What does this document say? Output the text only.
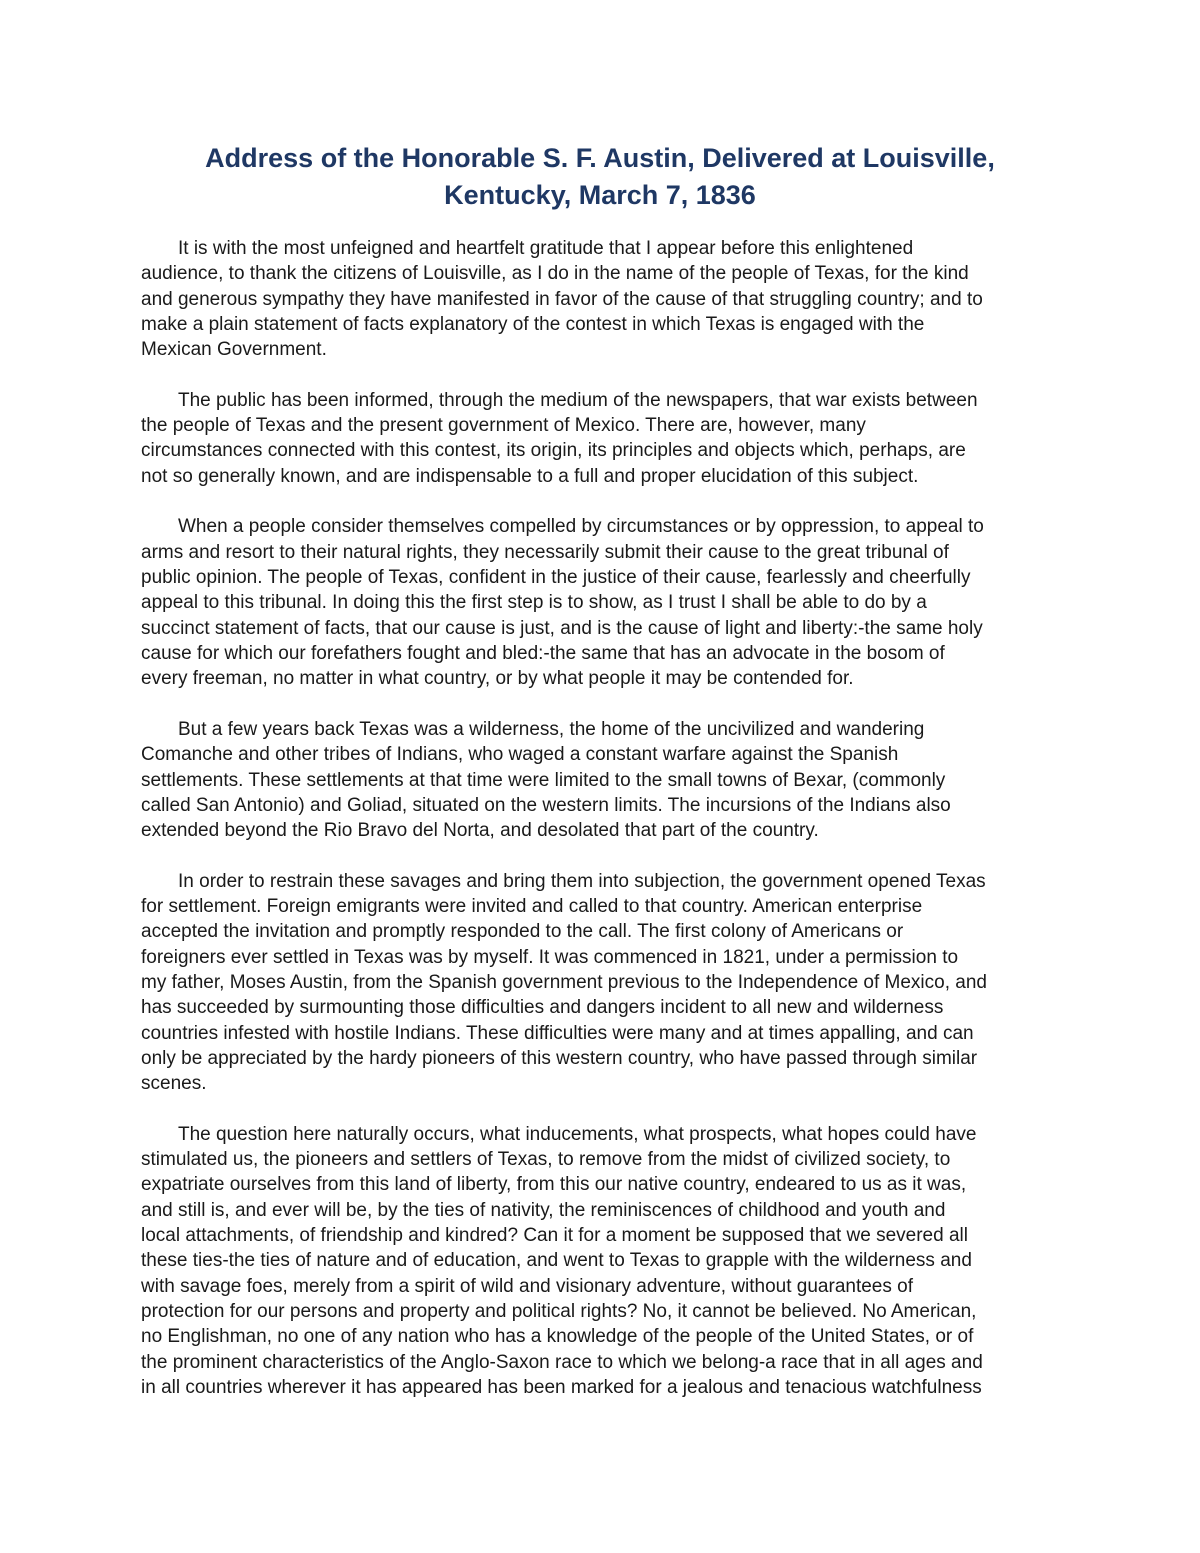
Address of the Honorable S. F. Austin, Delivered at Louisville,
Kentucky, March 7, 1836

It is with the most unfeigned and heartfelt gratitude that I appear before this enlightened
audience, to thank the citizens of Louisville, as I do in the name of the people of Texas, for the kind
and generous sympathy they have manifested in favor of the cause of that struggling country; and to
make a plain statement of facts explanatory of the contest in which Texas is engaged with the
Mexican Government.

The public has been informed, through the medium of the newspapers, that war exists between
the people of Texas and the present government of Mexico. There are, however, many
circumstances connected with this contest, its origin, its principles and objects which, perhaps, are
not so generally known, and are indispensable to a full and proper elucidation of this subject.

When a people consider themselves compelled by circumstances or by oppression, to appeal to
arms and resort to their natural rights, they necessarily submit their cause to the great tribunal of
public opinion. The people of Texas, confident in the justice of their cause, fearlessly and cheerfully
appeal to this tribunal. In doing this the first step is to show, as I trust I shall be able to do by a
succinct statement of facts, that our cause is just, and is the cause of light and liberty:-the same holy
cause for which our forefathers fought and bled:-the same that has an advocate in the bosom of
every freeman, no matter in what country, or by what people it may be contended for.

But a few years back Texas was a wilderness, the home of the uncivilized and wandering
Comanche and other tribes of Indians, who waged a constant warfare against the Spanish
settlements. These settlements at that time were limited to the small towns of Bexar, (commonly
called San Antonio) and Goliad, situated on the western limits. The incursions of the Indians also
extended beyond the Rio Bravo del Norta, and desolated that part of the country.

In order to restrain these savages and bring them into subjection, the government opened Texas
for settlement. Foreign emigrants were invited and called to that country. American enterprise
accepted the invitation and promptly responded to the call. The first colony of Americans or
foreigners ever settled in Texas was by myself. It was commenced in 1821, under a permission to
my father, Moses Austin, from the Spanish government previous to the Independence of Mexico, and
has succeeded by surmounting those difficulties and dangers incident to all new and wilderness
countries infested with hostile Indians. These difficulties were many and at times appalling, and can
only be appreciated by the hardy pioneers of this western country, who have passed through similar
scenes.

The question here naturally occurs, what inducements, what prospects, what hopes could have
stimulated us, the pioneers and settlers of Texas, to remove from the midst of civilized society, to
expatriate ourselves from this land of liberty, from this our native country, endeared to us as it was,
and still is, and ever will be, by the ties of nativity, the reminiscences of childhood and youth and
local attachments, of friendship and kindred? Can it for a moment be supposed that we severed all
these ties-the ties of nature and of education, and went to Texas to grapple with the wilderness and
with savage foes, merely from a spirit of wild and visionary adventure, without guarantees of
protection for our persons and property and political rights? No, it cannot be believed. No American,
no Englishman, no one of any nation who has a knowledge of the people of the United States, or of
the prominent characteristics of the Anglo-Saxon race to which we belong-a race that in all ages and
in all countries wherever it has appeared has been marked for a jealous and tenacious watchfulness
